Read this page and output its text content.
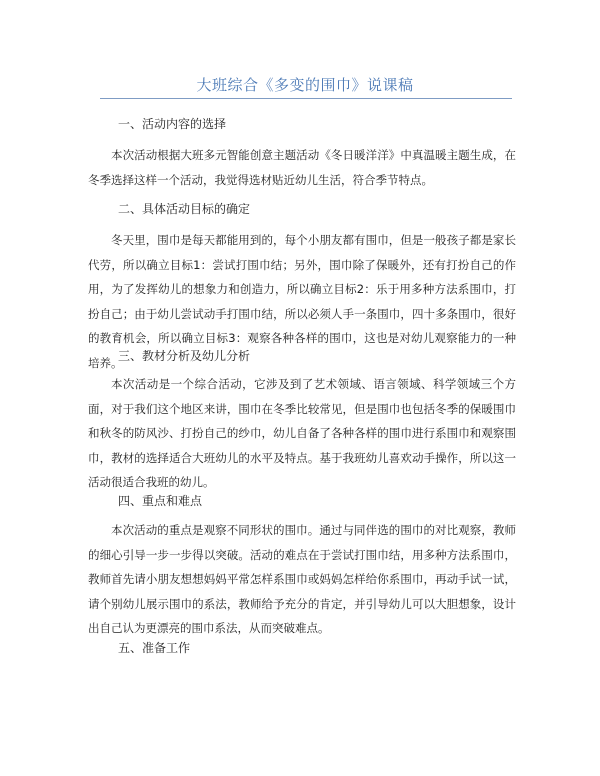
大班综合《多变的围巾》说课稿
一、活动内容的选择

本次活动根据大班多元智能创意主题活动《冬日暖洋洋》中真温暖主题生成，在冬季选择这样一个活动，我觉得选材贴近幼儿生活，符合季节特点。

二、具体活动目标的确定

冬天里，围巾是每天都能用到的，每个小朋友都有围巾，但是一般孩子都是家长代劳，所以确立目标1：尝试打围巾结；另外，围巾除了保暖外，还有打扮自己的作用，为了发挥幼儿的想象力和创造力，所以确立目标2：乐于用多种方法系围巾，打扮自己；由于幼儿尝试动手打围巾结，所以必须人手一条围巾，四十多条围巾，很好的教育机会，所以确立目标3：观察各种各样的围巾，这也是对幼儿观察能力的一种培养。

三、教材分析及幼儿分析

本次活动是一个综合活动，它涉及到了艺术领域、语言领域、科学领域三个方面，对于我们这个地区来讲，围巾在冬季比较常见，但是围巾也包括冬季的保暖围巾和秋冬的防风沙、打扮自己的纱巾，幼儿自备了各种各样的围巾进行系围巾和观察围巾，教材的选择适合大班幼儿的水平及特点。基于我班幼儿喜欢动手操作，所以这一活动很适合我班的幼儿。

四、重点和难点

本次活动的重点是观察不同形状的围巾。通过与同伴选的围巾的对比观察，教师的细心引导一步一步得以突破。活动的难点在于尝试打围巾结，用多种方法系围巾，教师首先请小朋友想想妈妈平常怎样系围巾或妈妈怎样给你系围巾，再动手试一试，请个别幼儿展示围巾的系法，教师给予充分的肯定，并引导幼儿可以大胆想象，设计出自己认为更漂亮的围巾系法，从而突破难点。

五、准备工作
